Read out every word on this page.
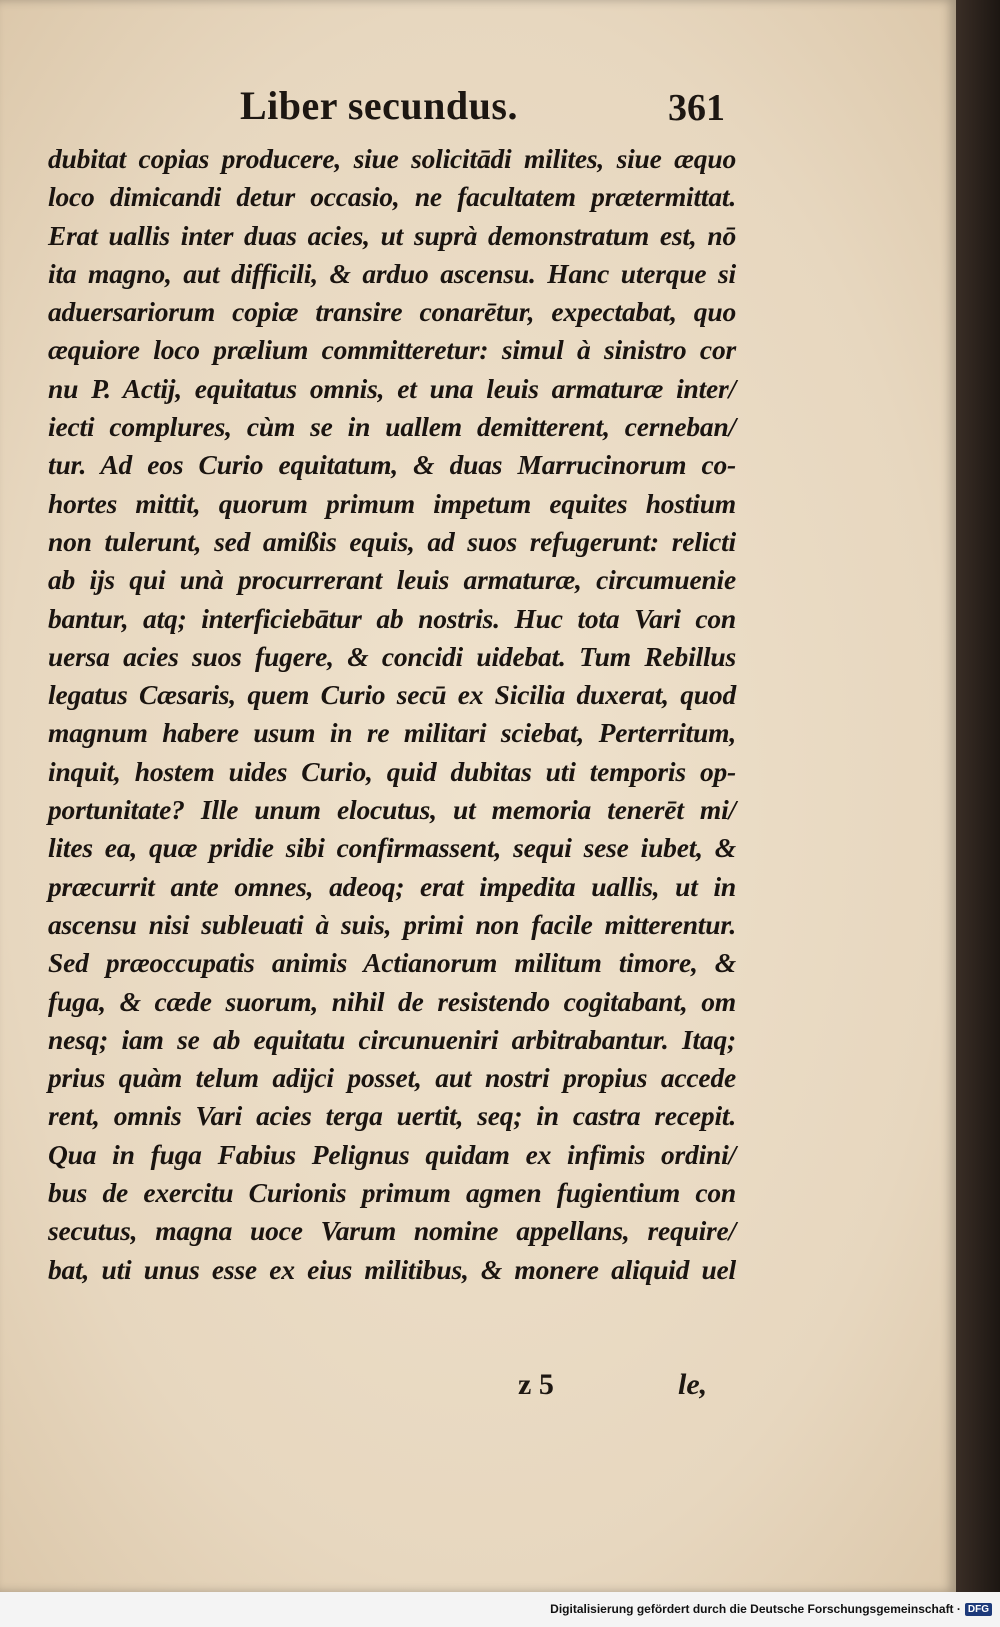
Liber secundus.	361
dubitat copias producere, siue solicitādi milites, siue æquo
loco dimicandi detur occasio, ne facultatem prætermittat.
Erat uallis inter duas acies, ut suprà demonstratum est, nō
ita magno, aut difficili, & arduo ascensu. Hanc uterque si
aduersariorum copiæ transire conarētur, expectabat, quo
æquiore loco prælium committeretur: simul à sinistro cor
nu P. Actij, equitatus omnis, et una leuis armaturæ inter/
iecti complures, cùm se in uallem demitterent, cerneban/
tur. Ad eos Curio equitatum, & duas Marrucinorum co-
hortes mittit, quorum primum impetum equites hostium
non tulerunt, sed amißis equis, ad suos refugerunt: relicti
ab ijs qui unà procurrerant leuis armaturæ, circumuenie
bantur, atq; interficiebātur ab nostris. Huc tota Vari con
uersa acies suos fugere, & concidi uidebat. Tum Rebillus
legatus Cæsaris, quem Curio secū ex Sicilia duxerat, quod
magnum habere usum in re militari sciebat, Perterritum,
inquit, hostem uides Curio, quid dubitas uti temporis op-
portunitate? Ille unum elocutus, ut memoria tenerēt mi/
lites ea, quæ pridie sibi confirmassent, sequi sese iubet, &
præcurrit ante omnes, adeoq; erat impedita uallis, ut in
ascensu nisi subleuati à suis, primi non facile mitterentur.
Sed præoccupatis animis Actianorum militum timore, &
fuga, & cæde suorum, nihil de resistendo cogitabant, om
nesq; iam se ab equitatu circunueniri arbitrabantur. Itaq;
prius quàm telum adijci posset, aut nostri propius accede
rent, omnis Vari acies terga uertit, seq; in castra recepit.
Qua in fuga Fabius Pelignus quidam ex infimis ordini/
bus de exercitu Curionis primum agmen fugientium con
secutus, magna uoce Varum nomine appellans, require/
bat, uti unus esse ex eius militibus, & monere aliquid uel
z 5	le,
Digitalisierung gefördert durch die Deutsche Forschungsgemeinschaft · DFG
